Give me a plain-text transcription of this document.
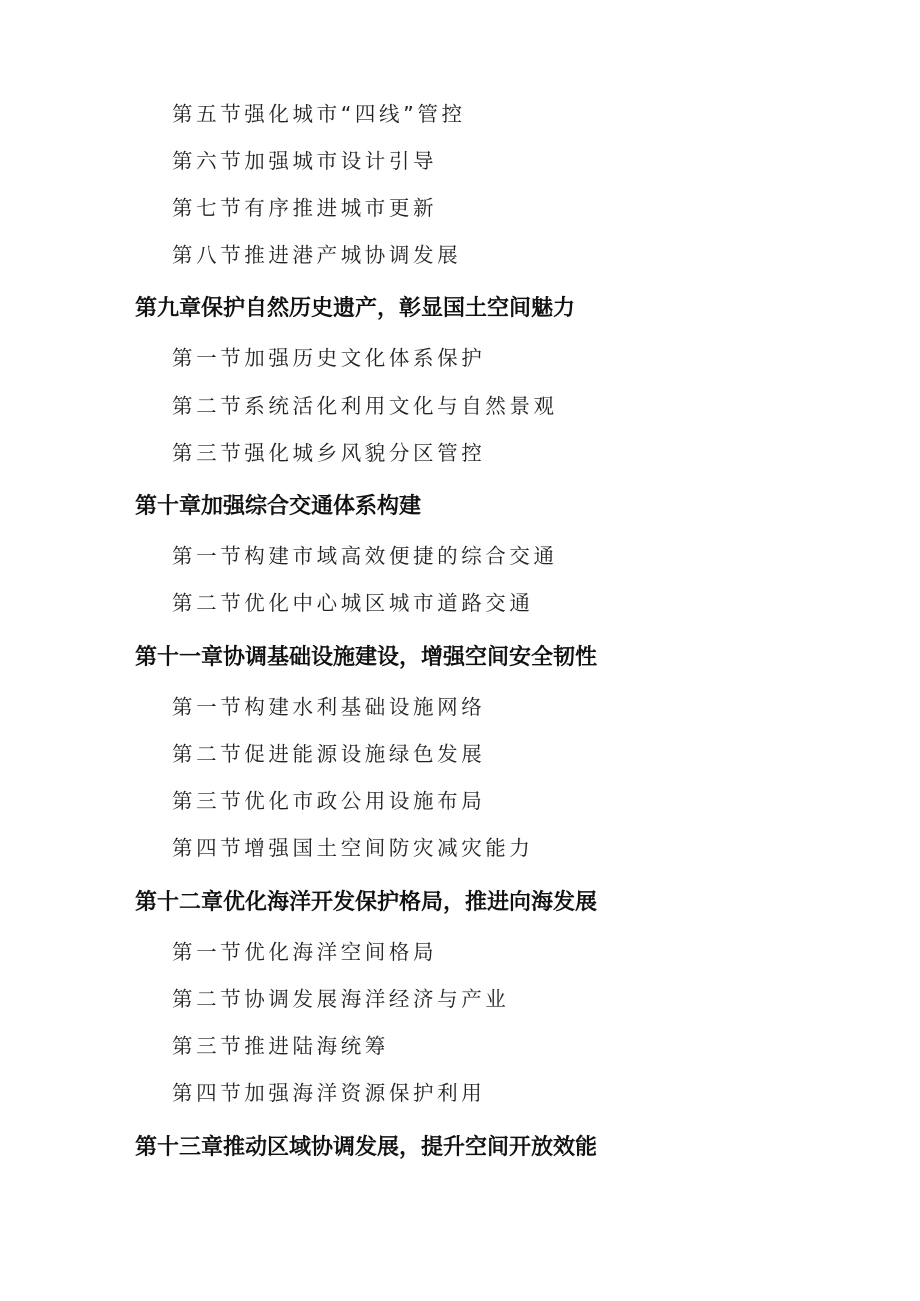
第五节强化城市“四线”管控
第六节加强城市设计引导
第七节有序推进城市更新
第八节推进港产城协调发展
第九章保护自然历史遗产，彰显国土空间魅力
第一节加强历史文化体系保护
第二节系统活化利用文化与自然景观
第三节强化城乡风貌分区管控
第十章加强综合交通体系构建
第一节构建市域高效便捷的综合交通
第二节优化中心城区城市道路交通
第十一章协调基础设施建设，增强空间安全韧性
第一节构建水利基础设施网络
第二节促进能源设施绿色发展
第三节优化市政公用设施布局
第四节增强国土空间防灾减灾能力
第十二章优化海洋开发保护格局，推进向海发展
第一节优化海洋空间格局
第二节协调发展海洋经济与产业
第三节推进陆海统筹
第四节加强海洋资源保护利用
第十三章推动区域协调发展，提升空间开放效能
